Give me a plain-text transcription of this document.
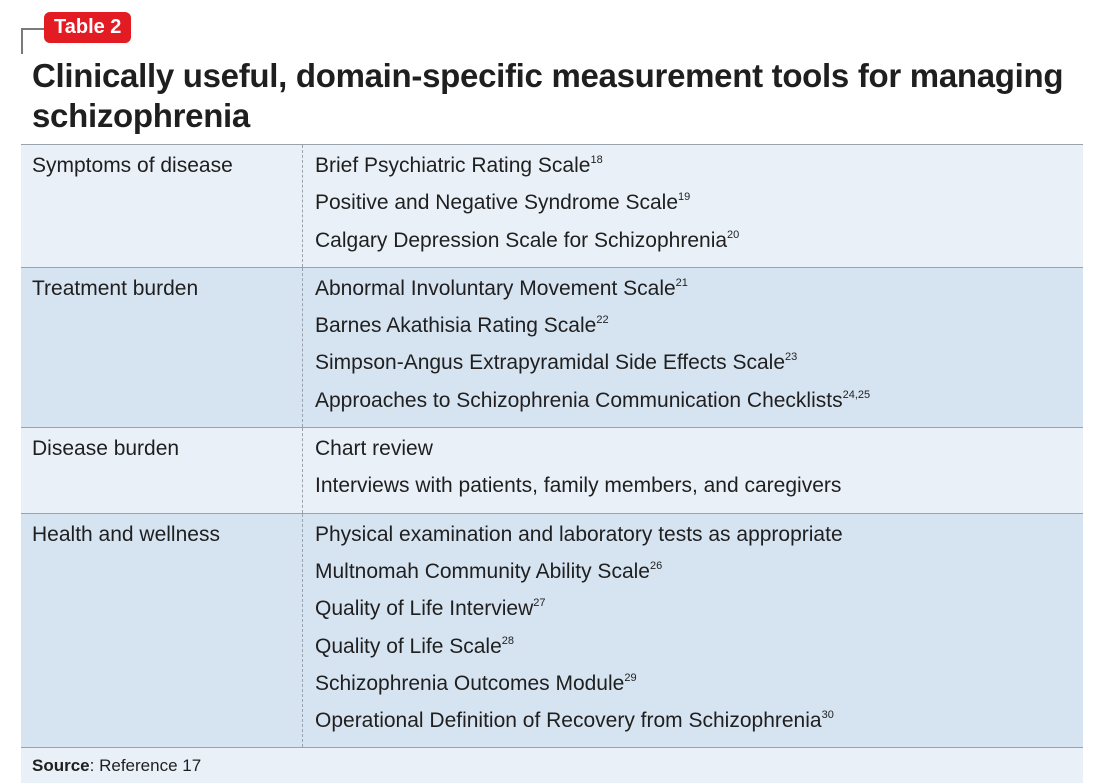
Table 2
Clinically useful, domain-specific measurement tools for managing schizophrenia
Symptoms of disease	Brief Psychiatric Rating Scale$^{18}$
Positive and Negative Syndrome Scale$^{19}$
Calgary Depression Scale for Schizophrenia$^{20}$
Treatment burden	Abnormal Involuntary Movement Scale$^{21}$
Barnes Akathisia Rating Scale$^{22}$
Simpson-Angus Extrapyramidal Side Effects Scale$^{23}$
Approaches to Schizophrenia Communication Checklists$^{24,25}$
Disease burden	Chart review
Interviews with patients, family members, and caregivers
Health and wellness	Physical examination and laboratory tests as appropriate
Multnomah Community Ability Scale$^{26}$
Quality of Life Interview$^{27}$
Quality of Life Scale$^{28}$
Schizophrenia Outcomes Module$^{29}$
Operational Definition of Recovery from Schizophrenia$^{30}$
Source: Reference 17
